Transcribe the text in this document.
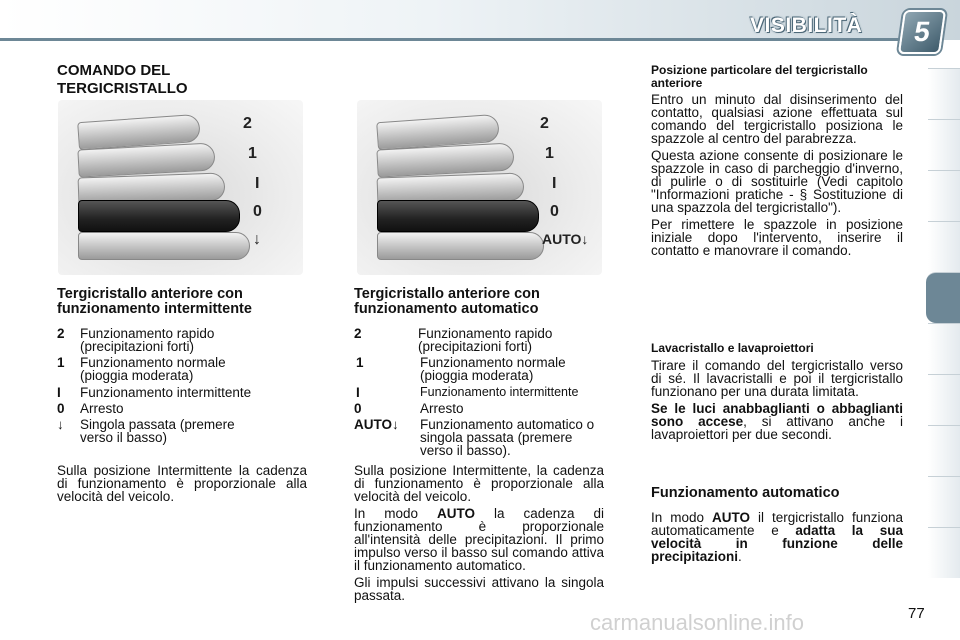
VISIBILITÀ	5
COMANDO DEL TERGICRISTALLO
2
1
I
0
↓
Tergicristallo anteriore con funzionamento intermittente
2 Funzionamento rapido (precipitazioni forti)
1 Funzionamento normale (pioggia moderata)
I Funzionamento intermittente
0 Arresto
↓ Singola passata (premere verso il basso)
Sulla posizione Intermittente la cadenza di funzionamento è proporzionale alla velocità del veicolo.
2
1
I
0
AUTO↓
Tergicristallo anteriore con funzionamento automatico
2	Funzionamento rapido (precipitazioni forti)
1	Funzionamento normale (pioggia moderata)
I	Funzionamento intermittente
0	Arresto
AUTO↓ Funzionamento automatico o singola passata (premere verso il basso).

Sulla posizione Intermittente, la cadenza di funzionamento è proporzionale alla velocità del veicolo.

In modo AUTO la cadenza di funzionamento è proporzionale all'intensità delle precipitazioni. Il primo impulso verso il basso sul comando attiva il funzionamento automatico.

Gli impulsi successivi attivano la singola passata.

Posizione particolare del tergicristallo anteriore

Entro un minuto dal disinserimento del contatto, qualsiasi azione effettuata sul comando del tergicristallo posiziona le spazzole al centro del parabrezza.

Questa azione consente di posizionare le spazzole in caso di parcheggio d'inverno, di pulirle o di sostituirle (Vedi capitolo "Informazioni pratiche - § Sostituzione di una spazzola del tergicristallo").

Per rimettere le spazzole in posizione iniziale dopo l'intervento, inserire il contatto e manovrare il comando.

Lavacristallo e lavaproiettori

Tirare il comando del tergicristallo verso di sé. Il lavacristalli e poi il tergicristallo funzionano per una durata limitata.

Se le luci anabbaglianti o abbaglianti sono accese, si attivano anche i lavaproiettori per due secondi.

Funzionamento automatico

In modo AUTO il tergicristallo funziona automaticamente e adatta la sua velocità in funzione delle precipitazioni.

carmanualsonline.info	77
